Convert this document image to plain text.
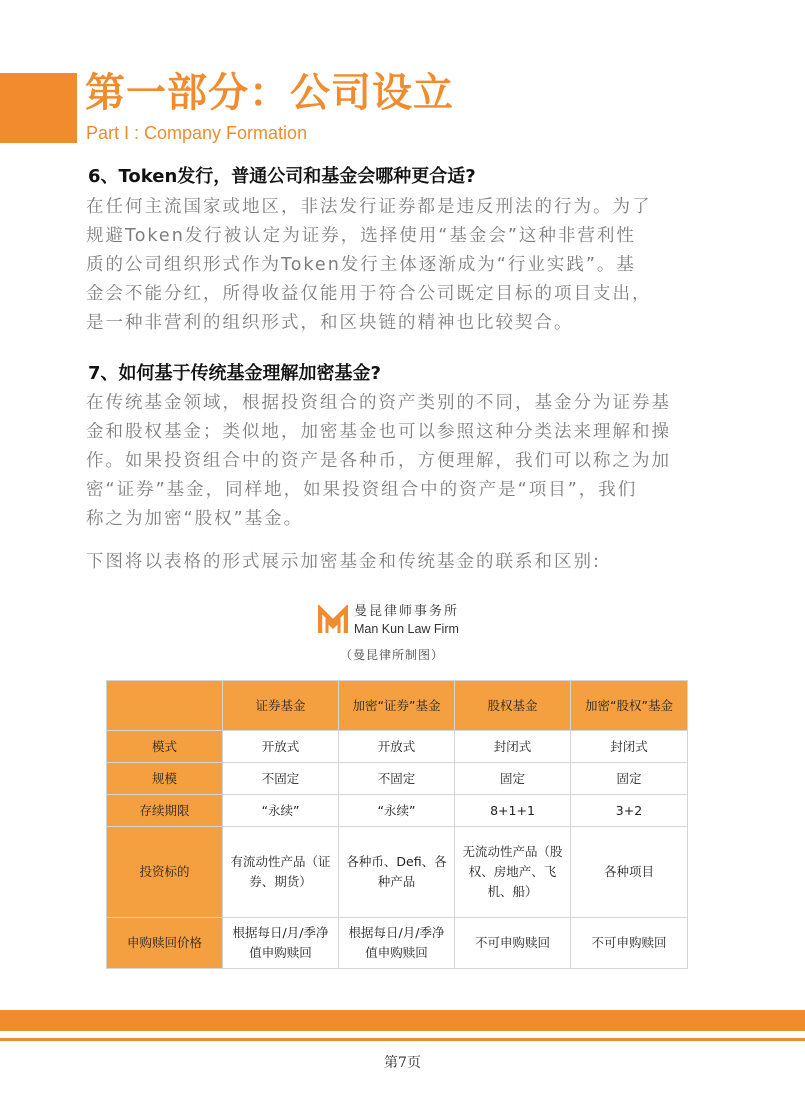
第一部分：公司设立
Part I : Company Formation
6、Token发行，普通公司和基金会哪种更合适?
在任何主流国家或地区，非法发行证券都是违反刑法的行为。为了
规避Token发行被认定为证券，选择使用“基金会”这种非营利性
质的公司组织形式作为Token发行主体逐渐成为“行业实践”。基
金会不能分红，所得收益仅能用于符合公司既定目标的项目支出，
是一种非营利的组织形式，和区块链的精神也比较契合。
7、如何基于传统基金理解加密基金?
在传统基金领域，根据投资组合的资产类别的不同，基金分为证券基
金和股权基金；类似地，加密基金也可以参照这种分类法来理解和操
作。如果投资组合中的资产是各种币，方便理解，我们可以称之为加
密“证券”基金，同样地，如果投资组合中的资产是“项目”，我们
称之为加密“股权”基金。
下图将以表格的形式展示加密基金和传统基金的联系和区别:
曼昆律师事务所
Man Kun Law Firm
（曼昆律所制图）
	证券基金	加密“证券”基金	股权基金	加密“股权”基金
模式	开放式	开放式	封闭式	封闭式
规模	不固定	不固定	固定	固定
存续期限	“永续”	“永续”	8+1+1	3+2
投资标的	有流动性产品（证券、期货）	各种币、Defi、各种产品	无流动性产品（股权、房地产、飞机、船）	各种项目
申购赎回价格	根据每日/月/季净值申购赎回	根据每日/月/季净值申购赎回	不可申购赎回	不可申购赎回
第7页
